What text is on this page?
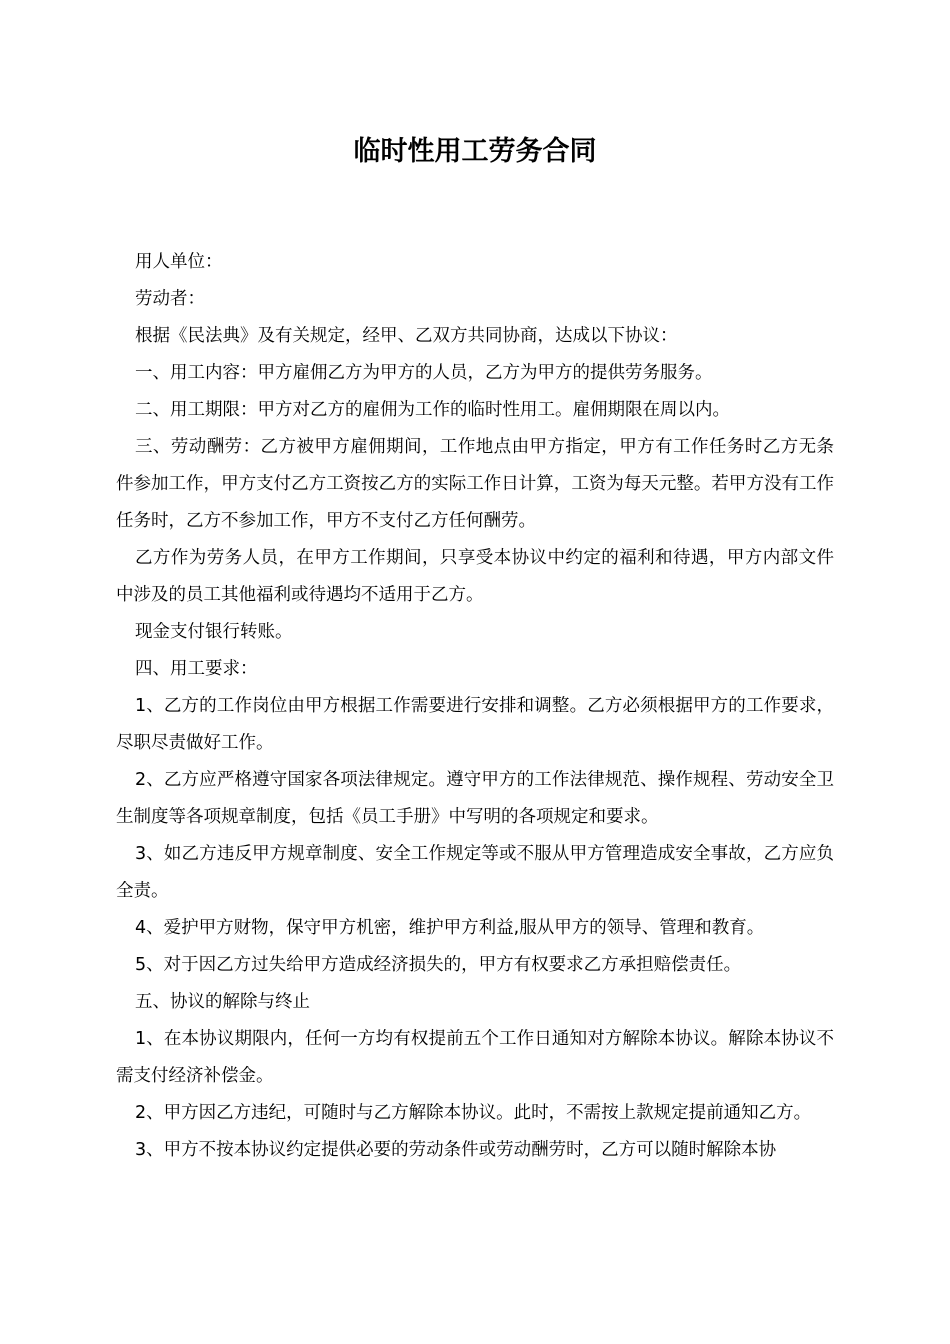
临时性用工劳务合同

用人单位：

劳动者：

根据《民法典》及有关规定，经甲、乙双方共同协商，达成以下协议：

一、用工内容：甲方雇佣乙方为甲方的人员，乙方为甲方的提供劳务服务。

二、用工期限：甲方对乙方的雇佣为工作的临时性用工。雇佣期限在周以内。

三、劳动酬劳：乙方被甲方雇佣期间，工作地点由甲方指定，甲方有工作任务时乙方无条件参加工作，甲方支付乙方工资按乙方的实际工作日计算，工资为每天元整。若甲方没有工作任务时，乙方不参加工作，甲方不支付乙方任何酬劳。

乙方作为劳务人员，在甲方工作期间，只享受本协议中约定的福利和待遇，甲方内部文件中涉及的员工其他福利或待遇均不适用于乙方。

现金支付银行转账。

四、用工要求：

1、乙方的工作岗位由甲方根据工作需要进行安排和调整。乙方必须根据甲方的工作要求，尽职尽责做好工作。

2、乙方应严格遵守国家各项法律规定。遵守甲方的工作法律规范、操作规程、劳动安全卫生制度等各项规章制度，包括《员工手册》中写明的各项规定和要求。

3、如乙方违反甲方规章制度、安全工作规定等或不服从甲方管理造成安全事故，乙方应负全责。

4、爱护甲方财物，保守甲方机密，维护甲方利益,服从甲方的领导、管理和教育。

5、对于因乙方过失给甲方造成经济损失的，甲方有权要求乙方承担赔偿责任。

五、协议的解除与终止

1、在本协议期限内，任何一方均有权提前五个工作日通知对方解除本协议。解除本协议不需支付经济补偿金。

2、甲方因乙方违纪，可随时与乙方解除本协议。此时，不需按上款规定提前通知乙方。

3、甲方不按本协议约定提供必要的劳动条件或劳动酬劳时，乙方可以随时解除本协
